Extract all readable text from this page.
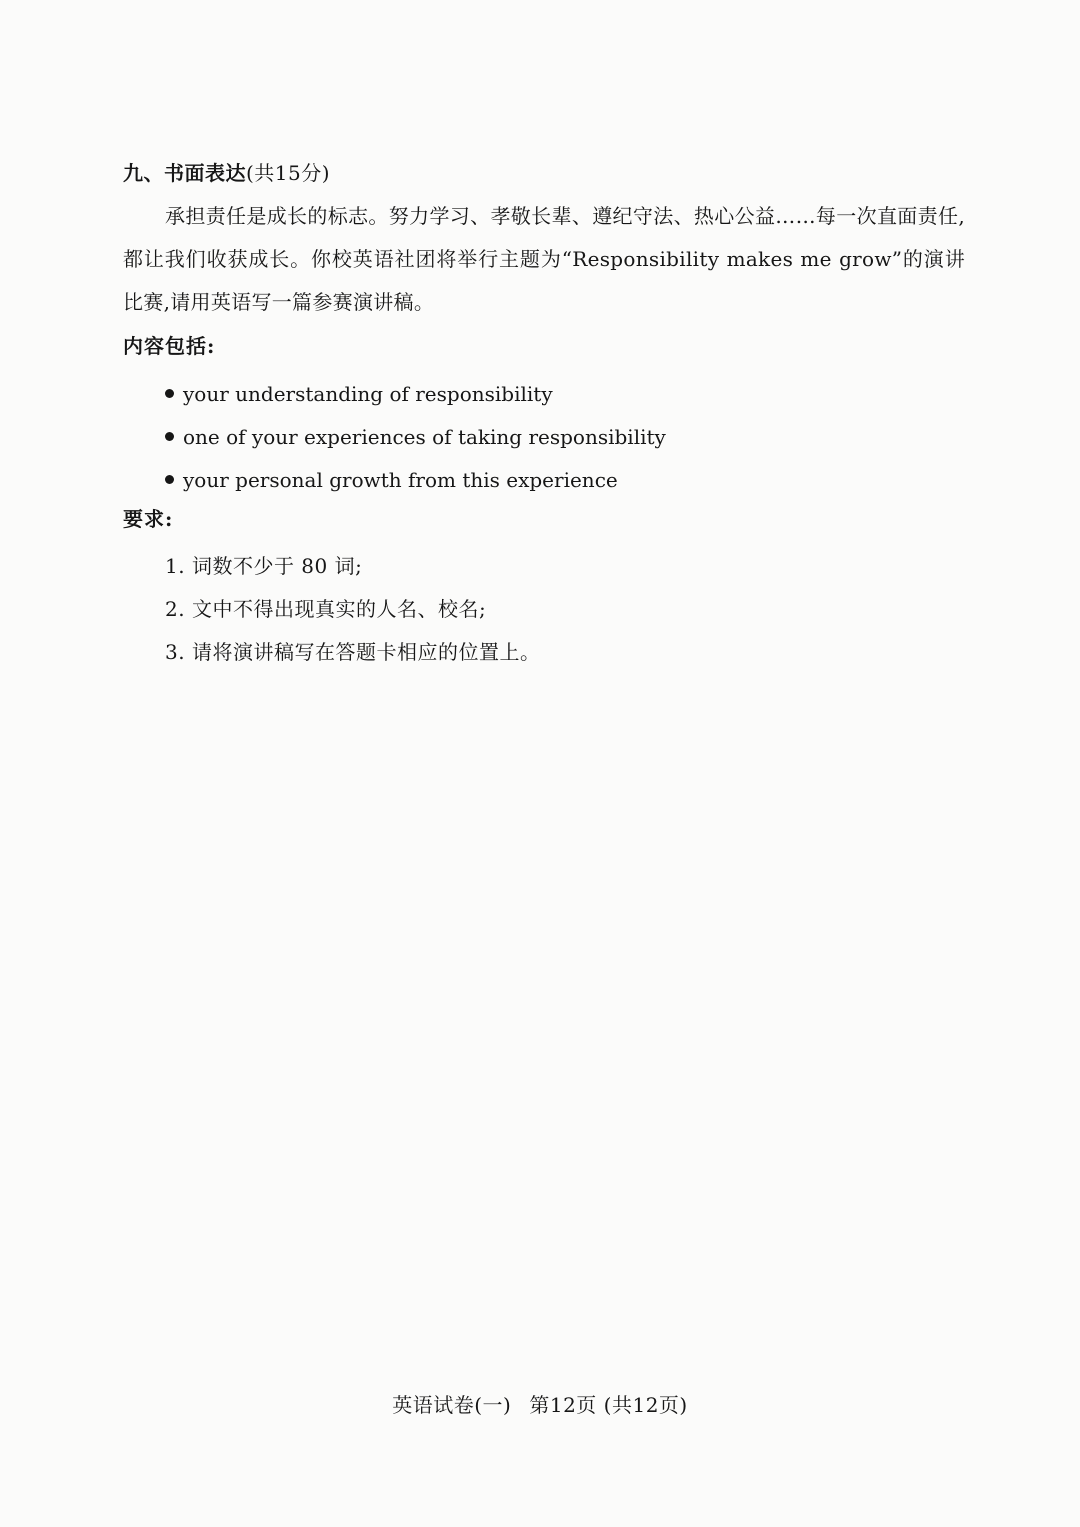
九、书面表达(共15分)

承担责任是成长的标志。努力学习、孝敬长辈、遵纪守法、热心公益……每一次直面责任,都让我们收获成长。你校英语社团将举行主题为“Responsibility makes me grow”的演讲比赛,请用英语写一篇参赛演讲稿。

内容包括:
your understanding of responsibility
one of your experiences of taking responsibility
your personal growth from this experience
要求:
1. 词数不少于 80 词;
2. 文中不得出现真实的人名、校名;
3. 请将演讲稿写在答题卡相应的位置上。
英语试卷(一) 第12页 (共12页)
